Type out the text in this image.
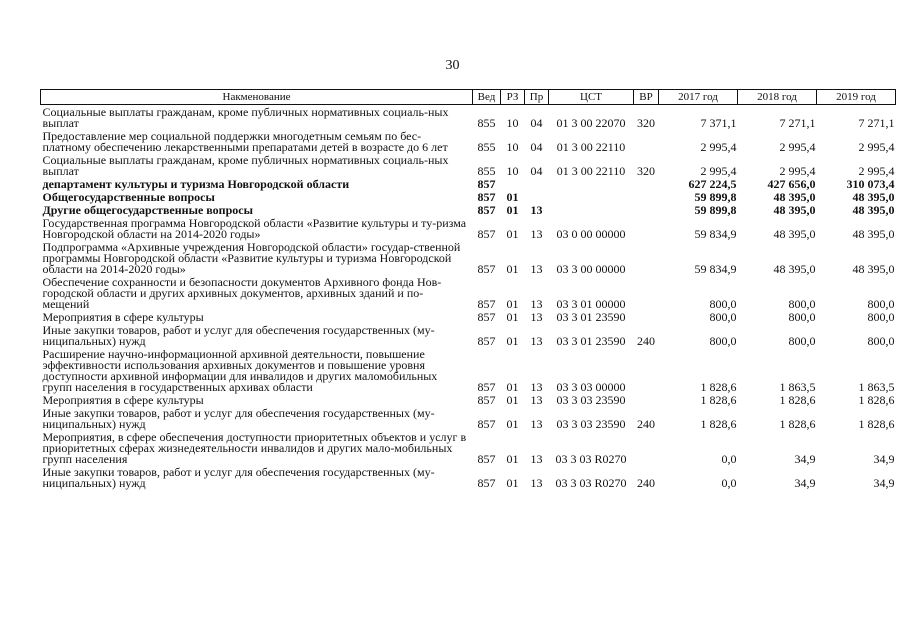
30
Накменование	Вед	РЗ	Пр	ЦСТ	ВР	2017 год	2018 год	2019 год
Социальные выплаты гражданам, кроме публичных нормативных социаль-ных выплат	855	10	04	01 3 00 22070	320	7 371,1	7 271,1	7 271,1
Предоставление мер социальной поддержки многодетным семьям по бес-платному обеспечению лекарственными препаратами детей в возрасте до 6 лет	855	10	04	01 3 00 22110		2 995,4	2 995,4	2 995,4
Социальные выплаты гражданам, кроме публичных нормативных социаль-ных выплат	855	10	04	01 3 00 22110	320	2 995,4	2 995,4	2 995,4
департамент культуры и туризма Новгородской области	857					627 224,5	427 656,0	310 073,4
Общегосударственные вопросы	857	01				59 899,8	48 395,0	48 395,0
Другие общегосударственные вопросы	857	01	13			59 899,8	48 395,0	48 395,0
Государственная программа Новгородской области «Развитие культуры и ту-ризма Новгородской области на 2014-2020 годы»	857	01	13	03 0 00 00000		59 834,9	48 395,0	48 395,0
Подпрограмма «Архивные учреждения Новгородской области» государ-ственной программы Новгородской области «Развитие культуры и туризма Новгородской области на 2014-2020 годы»	857	01	13	03 3 00 00000		59 834,9	48 395,0	48 395,0
Обеспечение сохранности и безопасности документов Архивного фонда Нов-городской области и других архивных документов, архивных зданий и по-мещений	857	01	13	03 3 01 00000		800,0	800,0	800,0
Мероприятия в сфере культуры	857	01	13	03 3 01 23590		800,0	800,0	800,0
Иные закупки товаров, работ и услуг для обеспечения государственных (му-ниципальных) нужд	857	01	13	03 3 01 23590	240	800,0	800,0	800,0
Расширение научно-информационной архивной деятельности, повышение эффективности использования архивных документов и повышение уровня доступности архивной информации для инвалидов и других маломобильных групп населения в государственных архивах области	857	01	13	03 3 03 00000		1 828,6	1 863,5	1 863,5
Мероприятия в сфере культуры	857	01	13	03 3 03 23590		1 828,6	1 828,6	1 828,6
Иные закупки товаров, работ и услуг для обеспечения государственных (му-ниципальных) нужд	857	01	13	03 3 03 23590	240	1 828,6	1 828,6	1 828,6
Мероприятия, в сфере обеспечения доступности приоритетных объектов и услуг в приоритетных сферах жизнедеятельности инвалидов и других мало-мобильных групп населения	857	01	13	03 3 03 R0270		0,0	34,9	34,9
Иные закупки товаров, работ и услуг для обеспечения государственных (му-ниципальных) нужд	857	01	13	03 3 03 R0270	240	0,0	34,9	34,9
